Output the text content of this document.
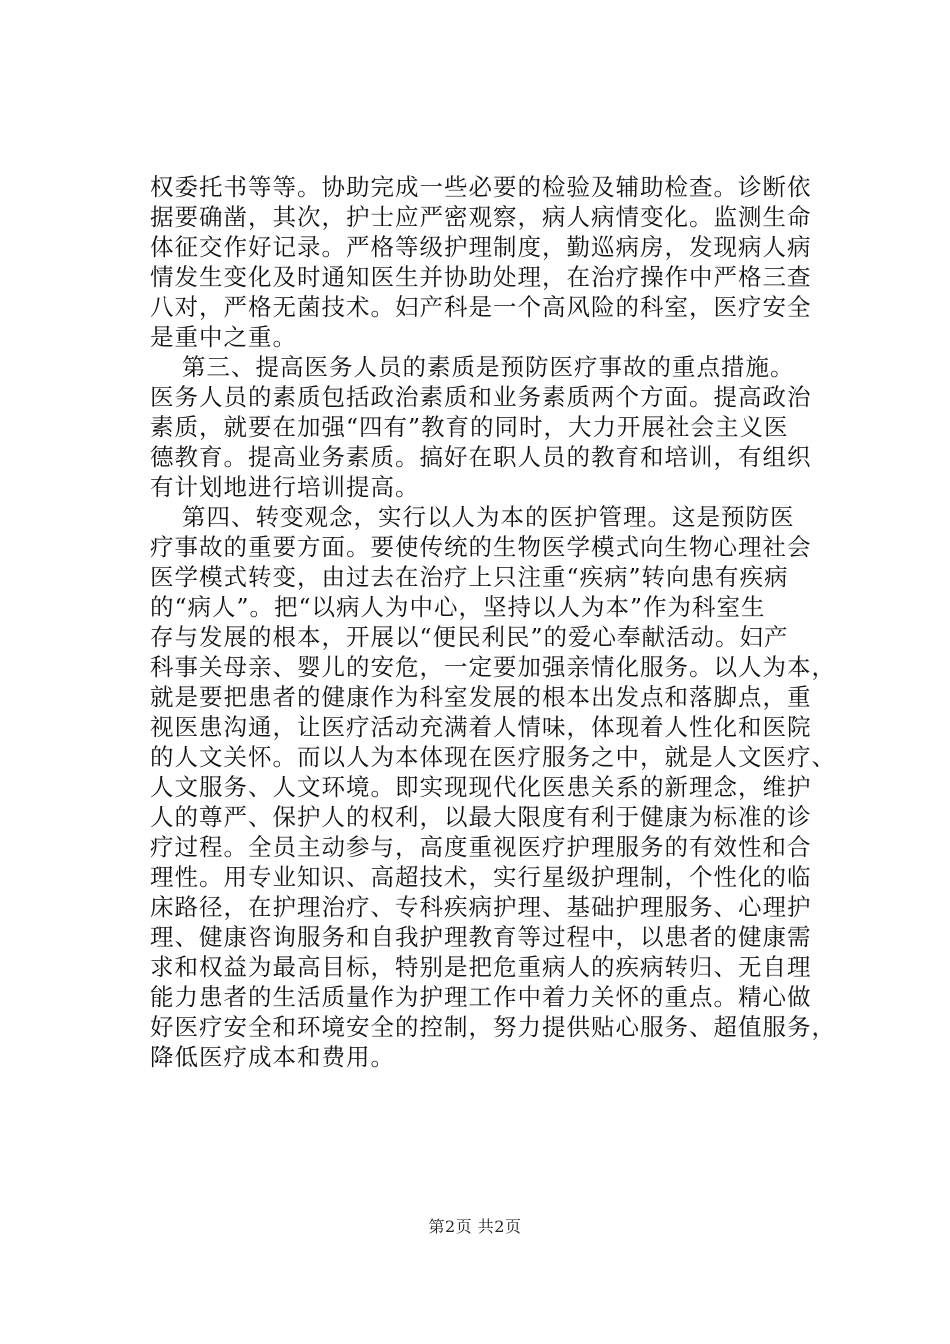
权委托书等等。协助完成一些必要的检验及辅助检查。诊断依
据要确凿，其次，护士应严密观察，病人病情变化。监测生命
体征交作好记录。严格等级护理制度，勤巡病房，发现病人病
情发生变化及时通知医生并协助处理，在治疗操作中严格三查
八对，严格无菌技术。妇产科是一个高风险的科室，医疗安全
是重中之重。
第三、提高医务人员的素质是预防医疗事故的重点措施。
医务人员的素质包括政治素质和业务素质两个方面。提高政治
素质，就要在加强“四有”教育的同时，大力开展社会主义医
德教育。提高业务素质。搞好在职人员的教育和培训，有组织
有计划地进行培训提高。
第四、转变观念，实行以人为本的医护管理。这是预防医
疗事故的重要方面。要使传统的生物医学模式向生物心理社会
医学模式转变，由过去在治疗上只注重“疾病”转向患有疾病
的“病人”。把“以病人为中心，坚持以人为本”作为科室生
存与发展的根本，开展以“便民利民”的爱心奉献活动。妇产
科事关母亲、婴儿的安危，一定要加强亲情化服务。以人为本，
就是要把患者的健康作为科室发展的根本出发点和落脚点，重
视医患沟通，让医疗活动充满着人情味，体现着人性化和医院
的人文关怀。而以人为本体现在医疗服务之中，就是人文医疗、
人文服务、人文环境。即实现现代化医患关系的新理念，维护
人的尊严、保护人的权利，以最大限度有利于健康为标准的诊
疗过程。全员主动参与，高度重视医疗护理服务的有效性和合
理性。用专业知识、高超技术，实行星级护理制，个性化的临
床路径，在护理治疗、专科疾病护理、基础护理服务、心理护
理、健康咨询服务和自我护理教育等过程中，以患者的健康需
求和权益为最高目标，特别是把危重病人的疾病转归、无自理
能力患者的生活质量作为护理工作中着力关怀的重点。精心做
好医疗安全和环境安全的控制，努力提供贴心服务、超值服务，
降低医疗成本和费用。
第2页 共2页
